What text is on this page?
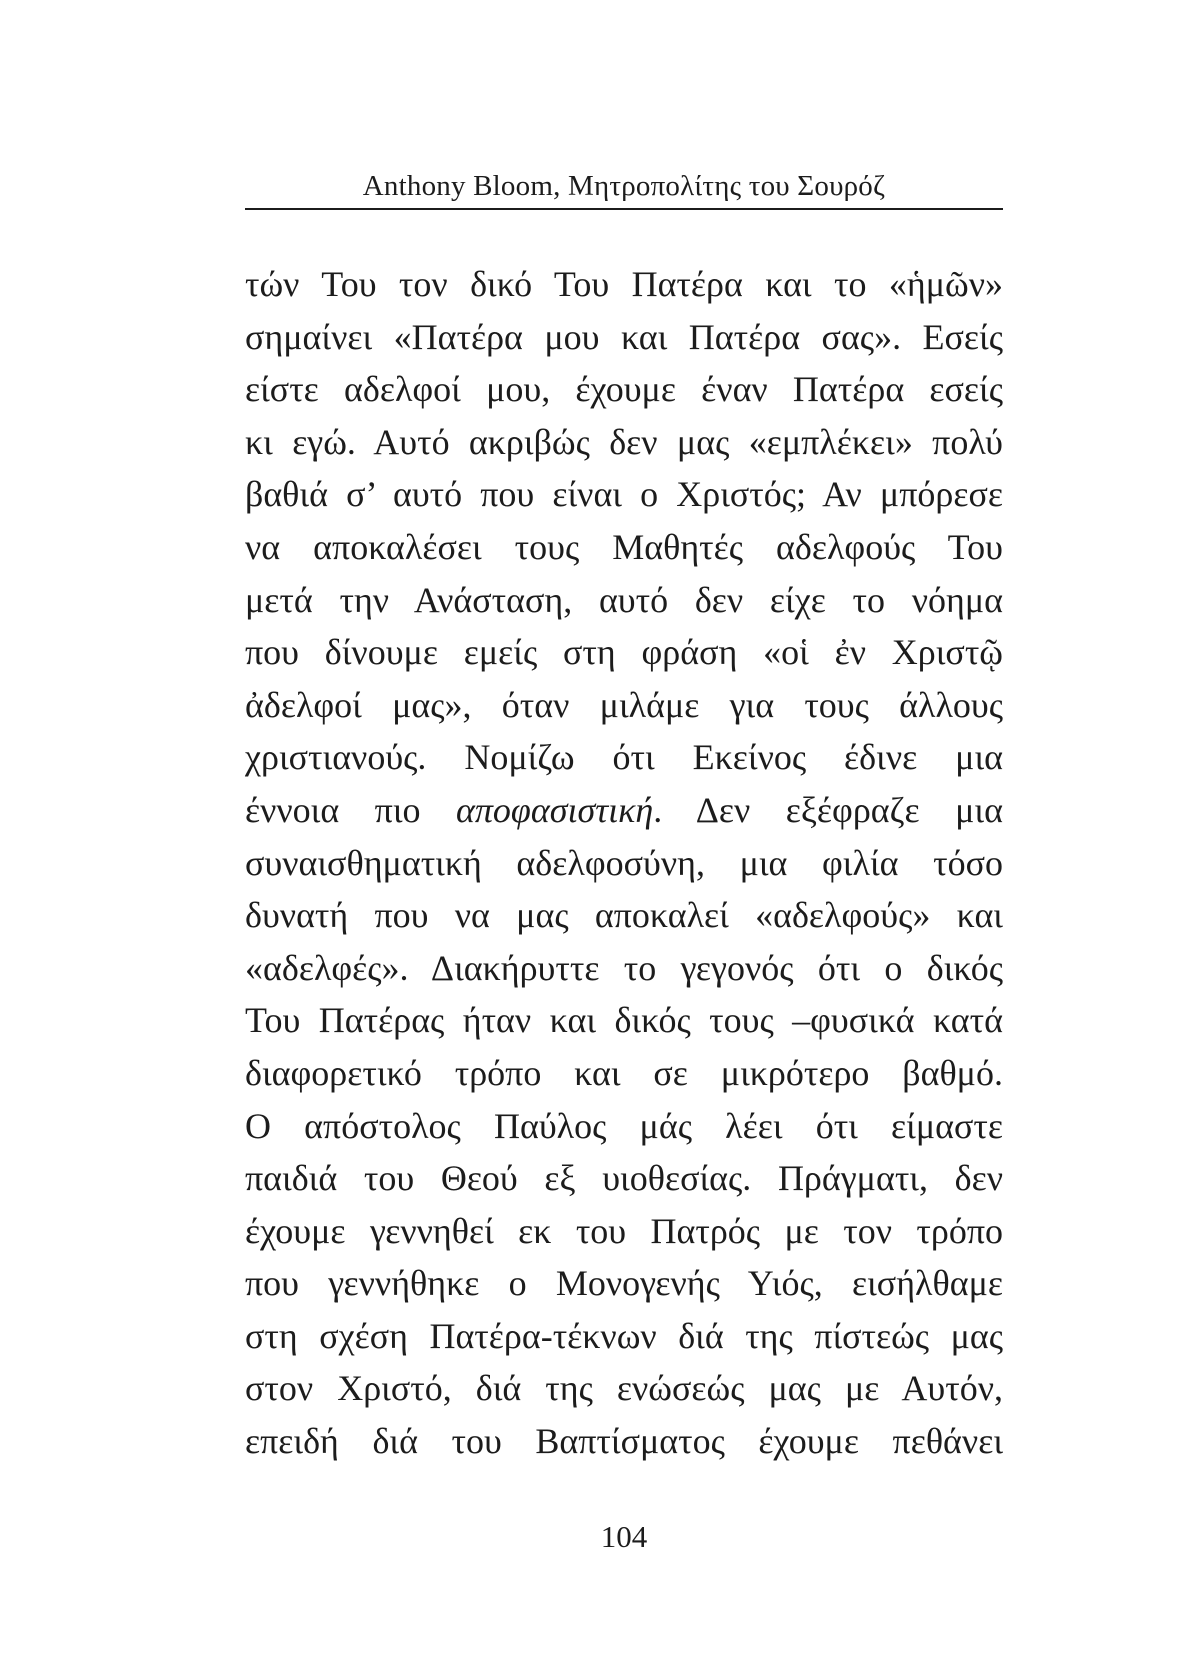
Anthony Bloom, Μητροπολίτης του Σουρόζ
τών Του τον δικό Του Πατέρα και το «ἡμῶν»
σημαίνει «Πατέρα μου και Πατέρα σας». Εσείς
είστε αδελφοί μου, έχουμε έναν Πατέρα εσείς
κι εγώ. Αυτό ακριβώς δεν μας «εμπλέκει» πολύ
βαθιά σ’ αυτό που είναι ο Χριστός; Αν μπόρεσε
να αποκαλέσει τους Μαθητές αδελφούς Του
μετά την Ανάσταση, αυτό δεν είχε το νόημα
που δίνουμε εμείς στη φράση «οἱ ἐν Χριστῷ
ἀδελφοί μας», όταν μιλάμε για τους άλλους
χριστιανούς. Νομίζω ότι Εκείνος έδινε μια
έννοια πιο αποφασιστική. Δεν εξέφραζε μια
συναισθηματική αδελφοσύνη, μια φιλία τόσο
δυνατή που να μας αποκαλεί «αδελφούς» και
«αδελφές». Διακήρυττε το γεγονός ότι ο δικός
Του Πατέρας ήταν και δικός τους –φυσικά κατά
διαφορετικό τρόπο και σε μικρότερο βαθμό.
Ο απόστολος Παύλος μάς λέει ότι είμαστε
παιδιά του Θεού εξ υιοθεσίας. Πράγματι, δεν
έχουμε γεννηθεί εκ του Πατρός με τον τρόπο
που γεννήθηκε ο Μονογενής Υιός, εισήλθαμε
στη σχέση Πατέρα-τέκνων διά της πίστεώς μας
στον Χριστό, διά της ενώσεώς μας με Αυτόν,
επειδή διά του Βαπτίσματος έχουμε πεθάνει
104
